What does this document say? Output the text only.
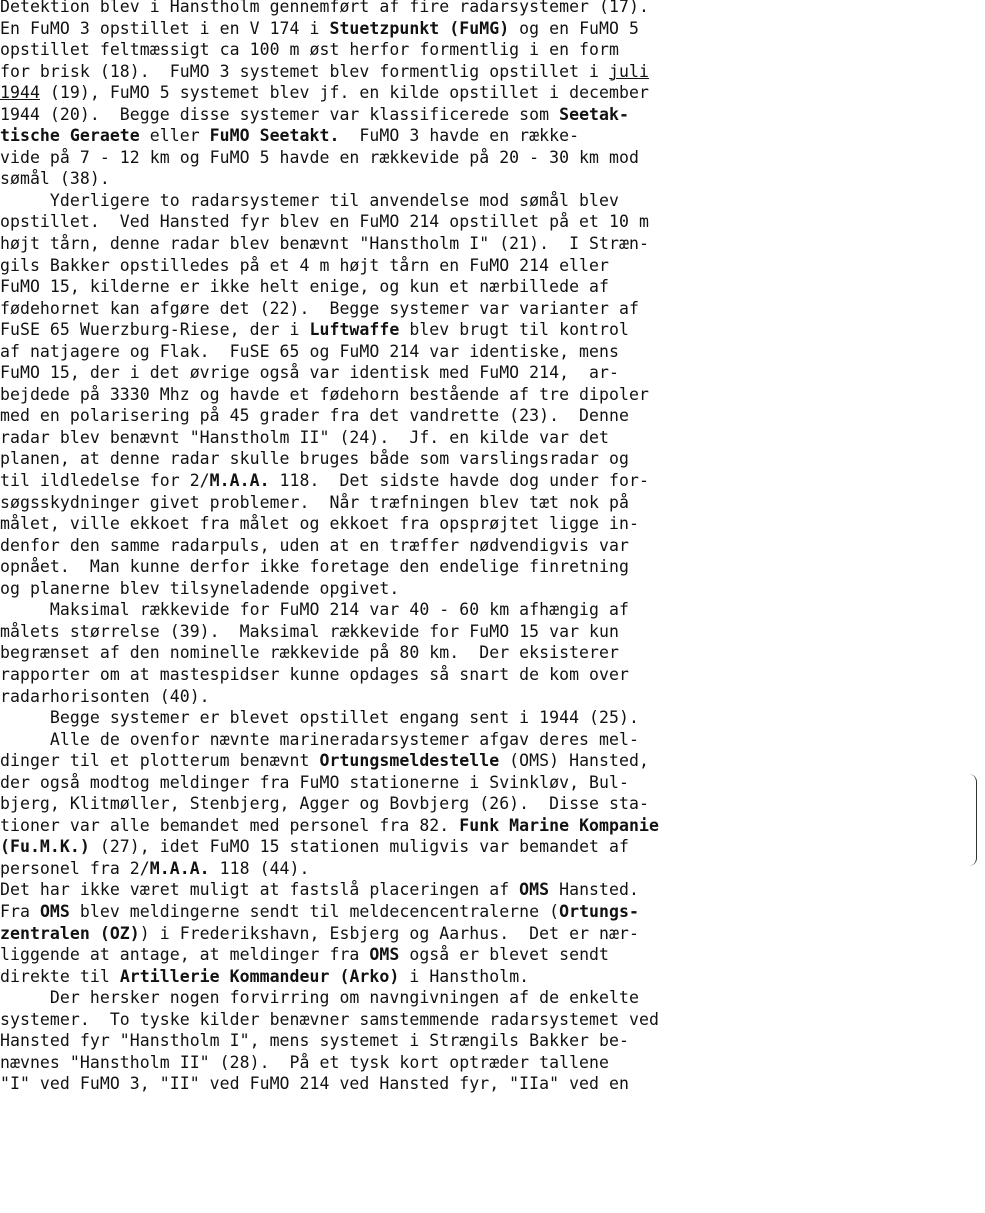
Detektion blev i Hanstholm gennemført af fire radarsystemer (17).
En FuMO 3 opstillet i en V 174 i Stuetzpunkt (FuMG) og en FuMO 5
opstillet feltmæssigt ca 100 m øst herfor formentlig i en form
for brisk (18).  FuMO 3 systemet blev formentlig opstillet i juli
1944 (19), FuMO 5 systemet blev jf. en kilde opstillet i december
1944 (20).  Begge disse systemer var klassificerede som Seetak-
tische Geraete eller FuMO Seetakt.  FuMO 3 havde en række-
vide på 7 - 12 km og FuMO 5 havde en rækkevide på 20 - 30 km mod
sømål (38).
Yderligere to radarsystemer til anvendelse mod sømål blev
opstillet.  Ved Hansted fyr blev en FuMO 214 opstillet på et 10 m
højt tårn, denne radar blev benævnt "Hanstholm I" (21).  I Stræn-
gils Bakker opstilledes på et 4 m højt tårn en FuMO 214 eller
FuMO 15, kilderne er ikke helt enige, og kun et nærbillede af
fødehornet kan afgøre det (22).  Begge systemer var varianter af
FuSE 65 Wuerzburg-Riese, der i Luftwaffe blev brugt til kontrol
af natjagere og Flak.  FuSE 65 og FuMO 214 var identiske, mens
FuMO 15, der i det øvrige også var identisk med FuMO 214,  ar-
bejdede på 3330 Mhz og havde et fødehorn bestående af tre dipoler
med en polarisering på 45 grader fra det vandrette (23).  Denne
radar blev benævnt "Hanstholm II" (24).  Jf. en kilde var det
planen, at denne radar skulle bruges både som varslingsradar og
til ildledelse for 2/M.A.A. 118.  Det sidste havde dog under for-
søgsskydninger givet problemer.  Når træfningen blev tæt nok på
målet, ville ekkoet fra målet og ekkoet fra opsprøjtet ligge in-
denfor den samme radarpuls, uden at en træffer nødvendigvis var
opnået.  Man kunne derfor ikke foretage den endelige finretning
og planerne blev tilsyneladende opgivet.
Maksimal rækkevide for FuMO 214 var 40 - 60 km afhængig af
målets størrelse (39).  Maksimal rækkevide for FuMO 15 var kun
begrænset af den nominelle rækkevide på 80 km.  Der eksisterer
rapporter om at mastespidser kunne opdages så snart de kom over
radarhorisonten (40).
Begge systemer er blevet opstillet engang sent i 1944 (25).
Alle de ovenfor nævnte marineradarsystemer afgav deres mel-
dinger til et plotterum benævnt Ortungsmeldestelle (OMS) Hansted,
der også modtog meldinger fra FuMO stationerne i Svinkløv, Bul-
bjerg, Klitmøller, Stenbjerg, Agger og Bovbjerg (26).  Disse sta-
tioner var alle bemandet med personel fra 82. Funk Marine Kompanie
(Fu.M.K.) (27), idet FuMO 15 stationen muligvis var bemandet af
personel fra 2/M.A.A. 118 (44).
Det har ikke været muligt at fastslå placeringen af OMS Hansted.
Fra OMS blev meldingerne sendt til meldecencentralerne (Ortungs-
zentralen (OZ)) i Frederikshavn, Esbjerg og Aarhus.  Det er nær-
liggende at antage, at meldinger fra OMS også er blevet sendt
direkte til Artillerie Kommandeur (Arko) i Hanstholm.
Der hersker nogen forvirring om navngivningen af de enkelte
systemer.  To tyske kilder benævner samstemmende radarsystemet ved
Hansted fyr "Hanstholm I", mens systemet i Strængils Bakker be-
nævnes "Hanstholm II" (28).  På et tysk kort optræder tallene
"I" ved FuMO 3, "II" ved FuMO 214 ved Hansted fyr, "IIa" ved en
